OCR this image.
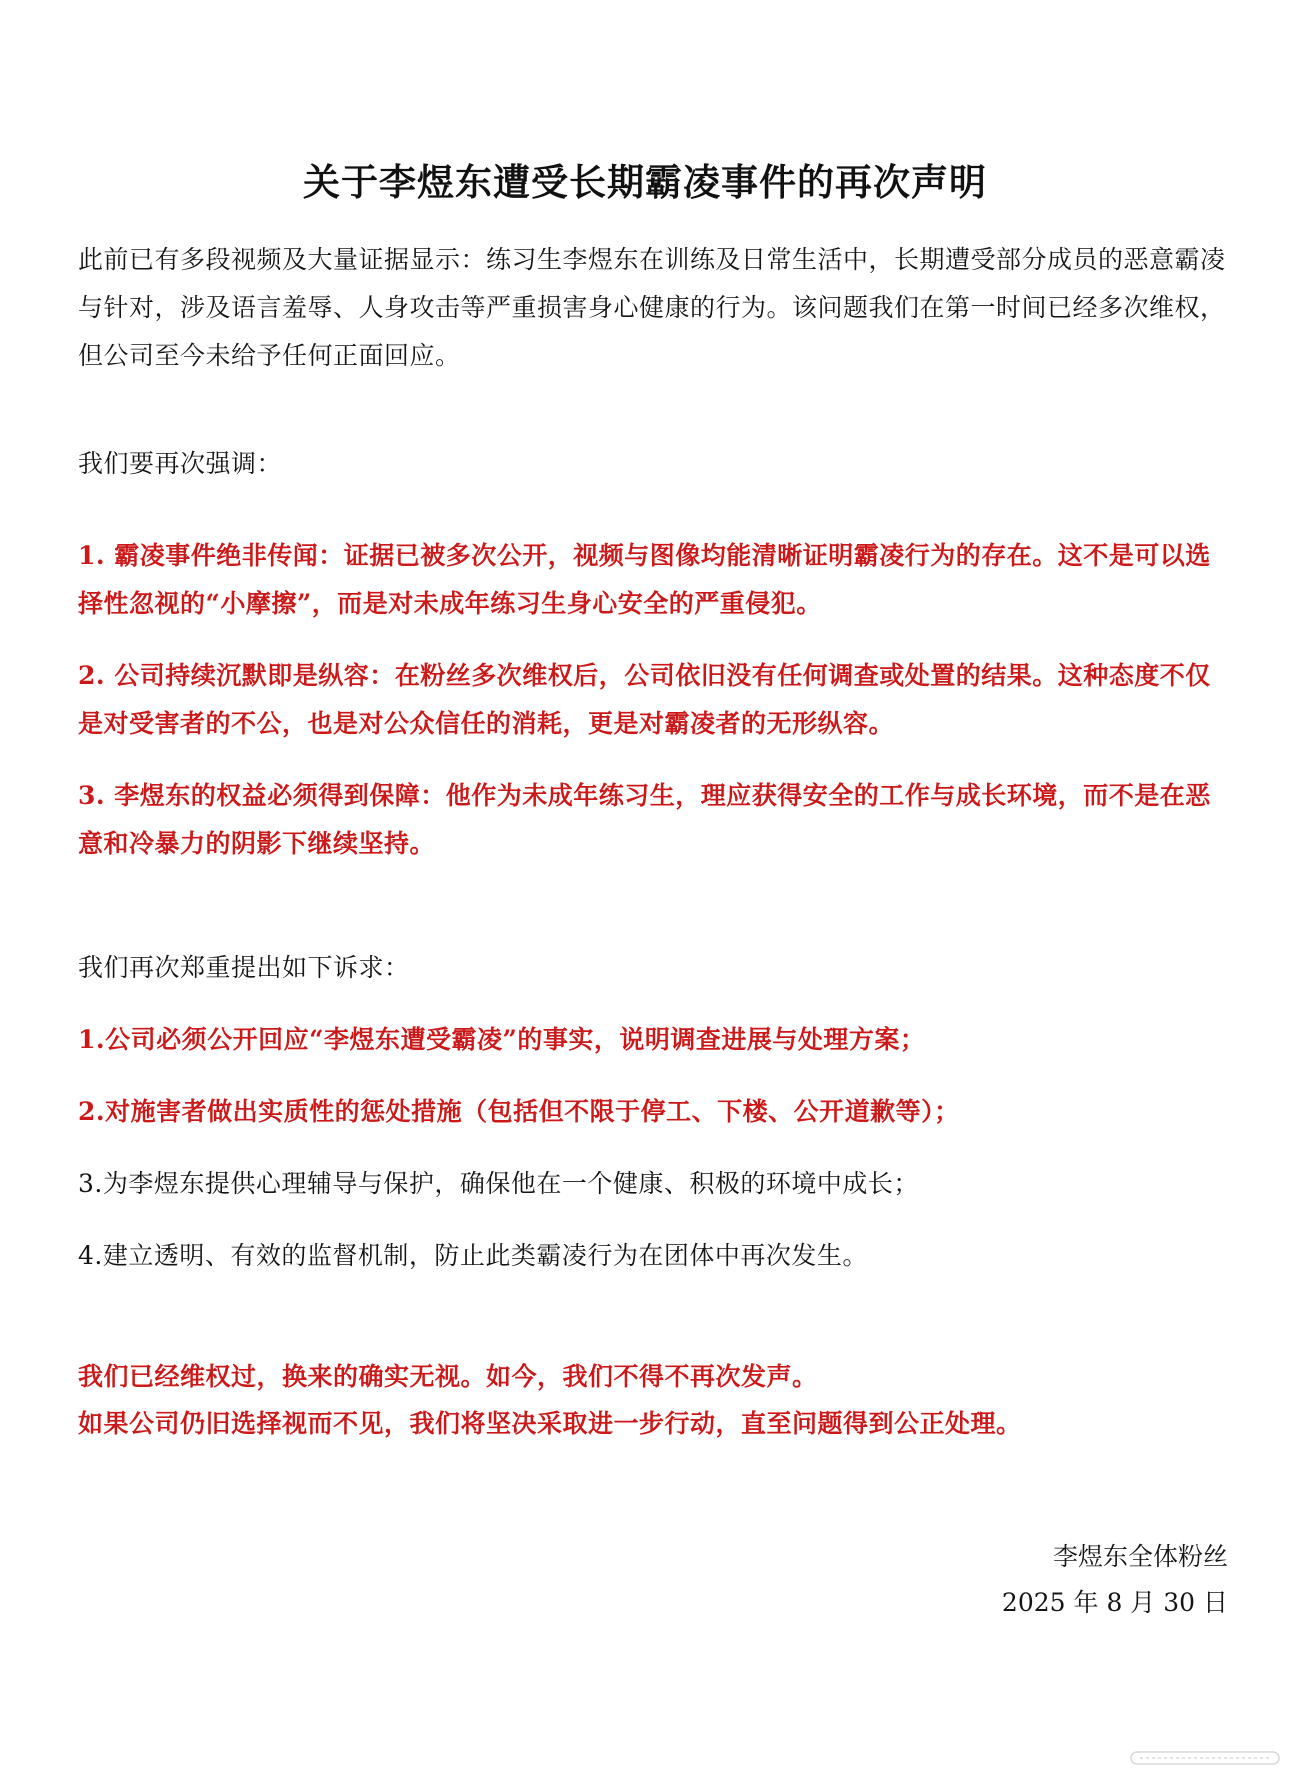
关于李煜东遭受长期霸凌事件的再次声明
此前已有多段视频及大量证据显示：练习生李煜东在训练及日常生活中，长期遭受部分成员的恶意霸凌与针对，涉及语言羞辱、人身攻击等严重损害身心健康的行为。该问题我们在第一时间已经多次维权，但公司至今未给予任何正面回应。
我们要再次强调：
1. 霸凌事件绝非传闻：证据已被多次公开，视频与图像均能清晰证明霸凌行为的存在。这不是可以选择性忽视的“小摩擦”，而是对未成年练习生身心安全的严重侵犯。
2. 公司持续沉默即是纵容：在粉丝多次维权后，公司依旧没有任何调查或处置的结果。这种态度不仅是对受害者的不公，也是对公众信任的消耗，更是对霸凌者的无形纵容。
3. 李煜东的权益必须得到保障：他作为未成年练习生，理应获得安全的工作与成长环境，而不是在恶意和冷暴力的阴影下继续坚持。
我们再次郑重提出如下诉求：
1.公司必须公开回应“李煜东遭受霸凌”的事实，说明调查进展与处理方案；
2.对施害者做出实质性的惩处措施（包括但不限于停工、下楼、公开道歉等）；
3.为李煜东提供心理辅导与保护，确保他在一个健康、积极的环境中成长；
4.建立透明、有效的监督机制，防止此类霸凌行为在团体中再次发生。
我们已经维权过，换来的确实无视。如今，我们不得不再次发声。
如果公司仍旧选择视而不见，我们将坚决采取进一步行动，直至问题得到公正处理。
李煜东全体粉丝
2025 年 8 月 30 日
